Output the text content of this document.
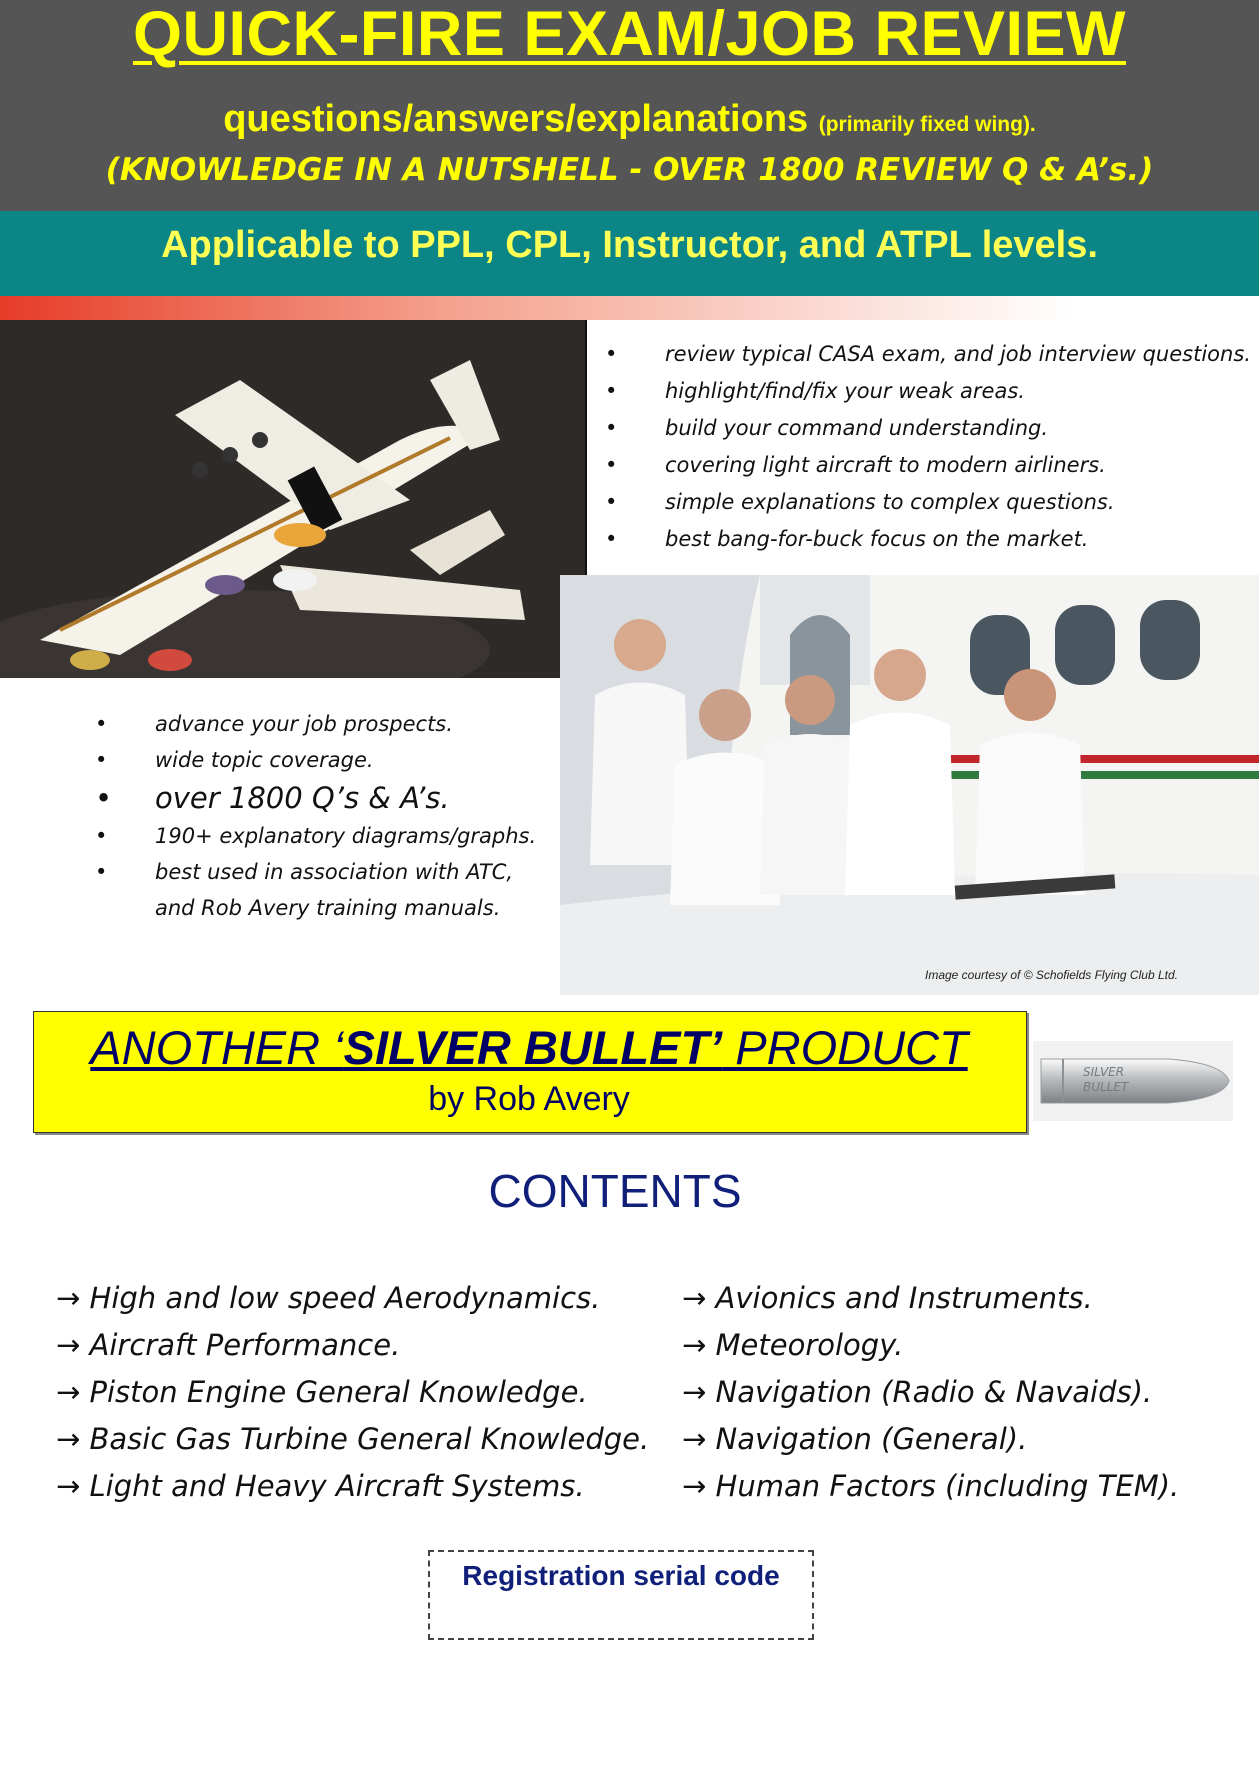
QUICK-FIRE EXAM/JOB REVIEW
questions/answers/explanations (primarily fixed wing).
(KNOWLEDGE IN A NUTSHELL - OVER 1800 REVIEW Q & A’s.)
Applicable to PPL, CPL, Instructor, and ATPL levels.
• review typical CASA exam, and job interview questions.
• highlight/find/fix your weak areas.
• build your command understanding.
• covering light aircraft to modern airliners.
• simple explanations to complex questions.
• best bang-for-buck focus on the market.
• advance your job prospects.
• wide topic coverage.
• over 1800 Q’s & A’s.
• 190+ explanatory diagrams/graphs.
• best used in association with ATC,
and Rob Avery training manuals.
Image courtesy of © Schofields Flying Club Ltd.
ANOTHER ‘SILVER BULLET’ PRODUCT
by Rob Avery
SILVER
BULLET
CONTENTS
→ High and low speed Aerodynamics.
→ Aircraft Performance.
→ Piston Engine General Knowledge.
→ Basic Gas Turbine General Knowledge.
→ Light and Heavy Aircraft Systems.
→ Avionics and Instruments.
→ Meteorology.
→ Navigation (Radio & Navaids).
→ Navigation (General).
→ Human Factors (including TEM).
Registration serial code
